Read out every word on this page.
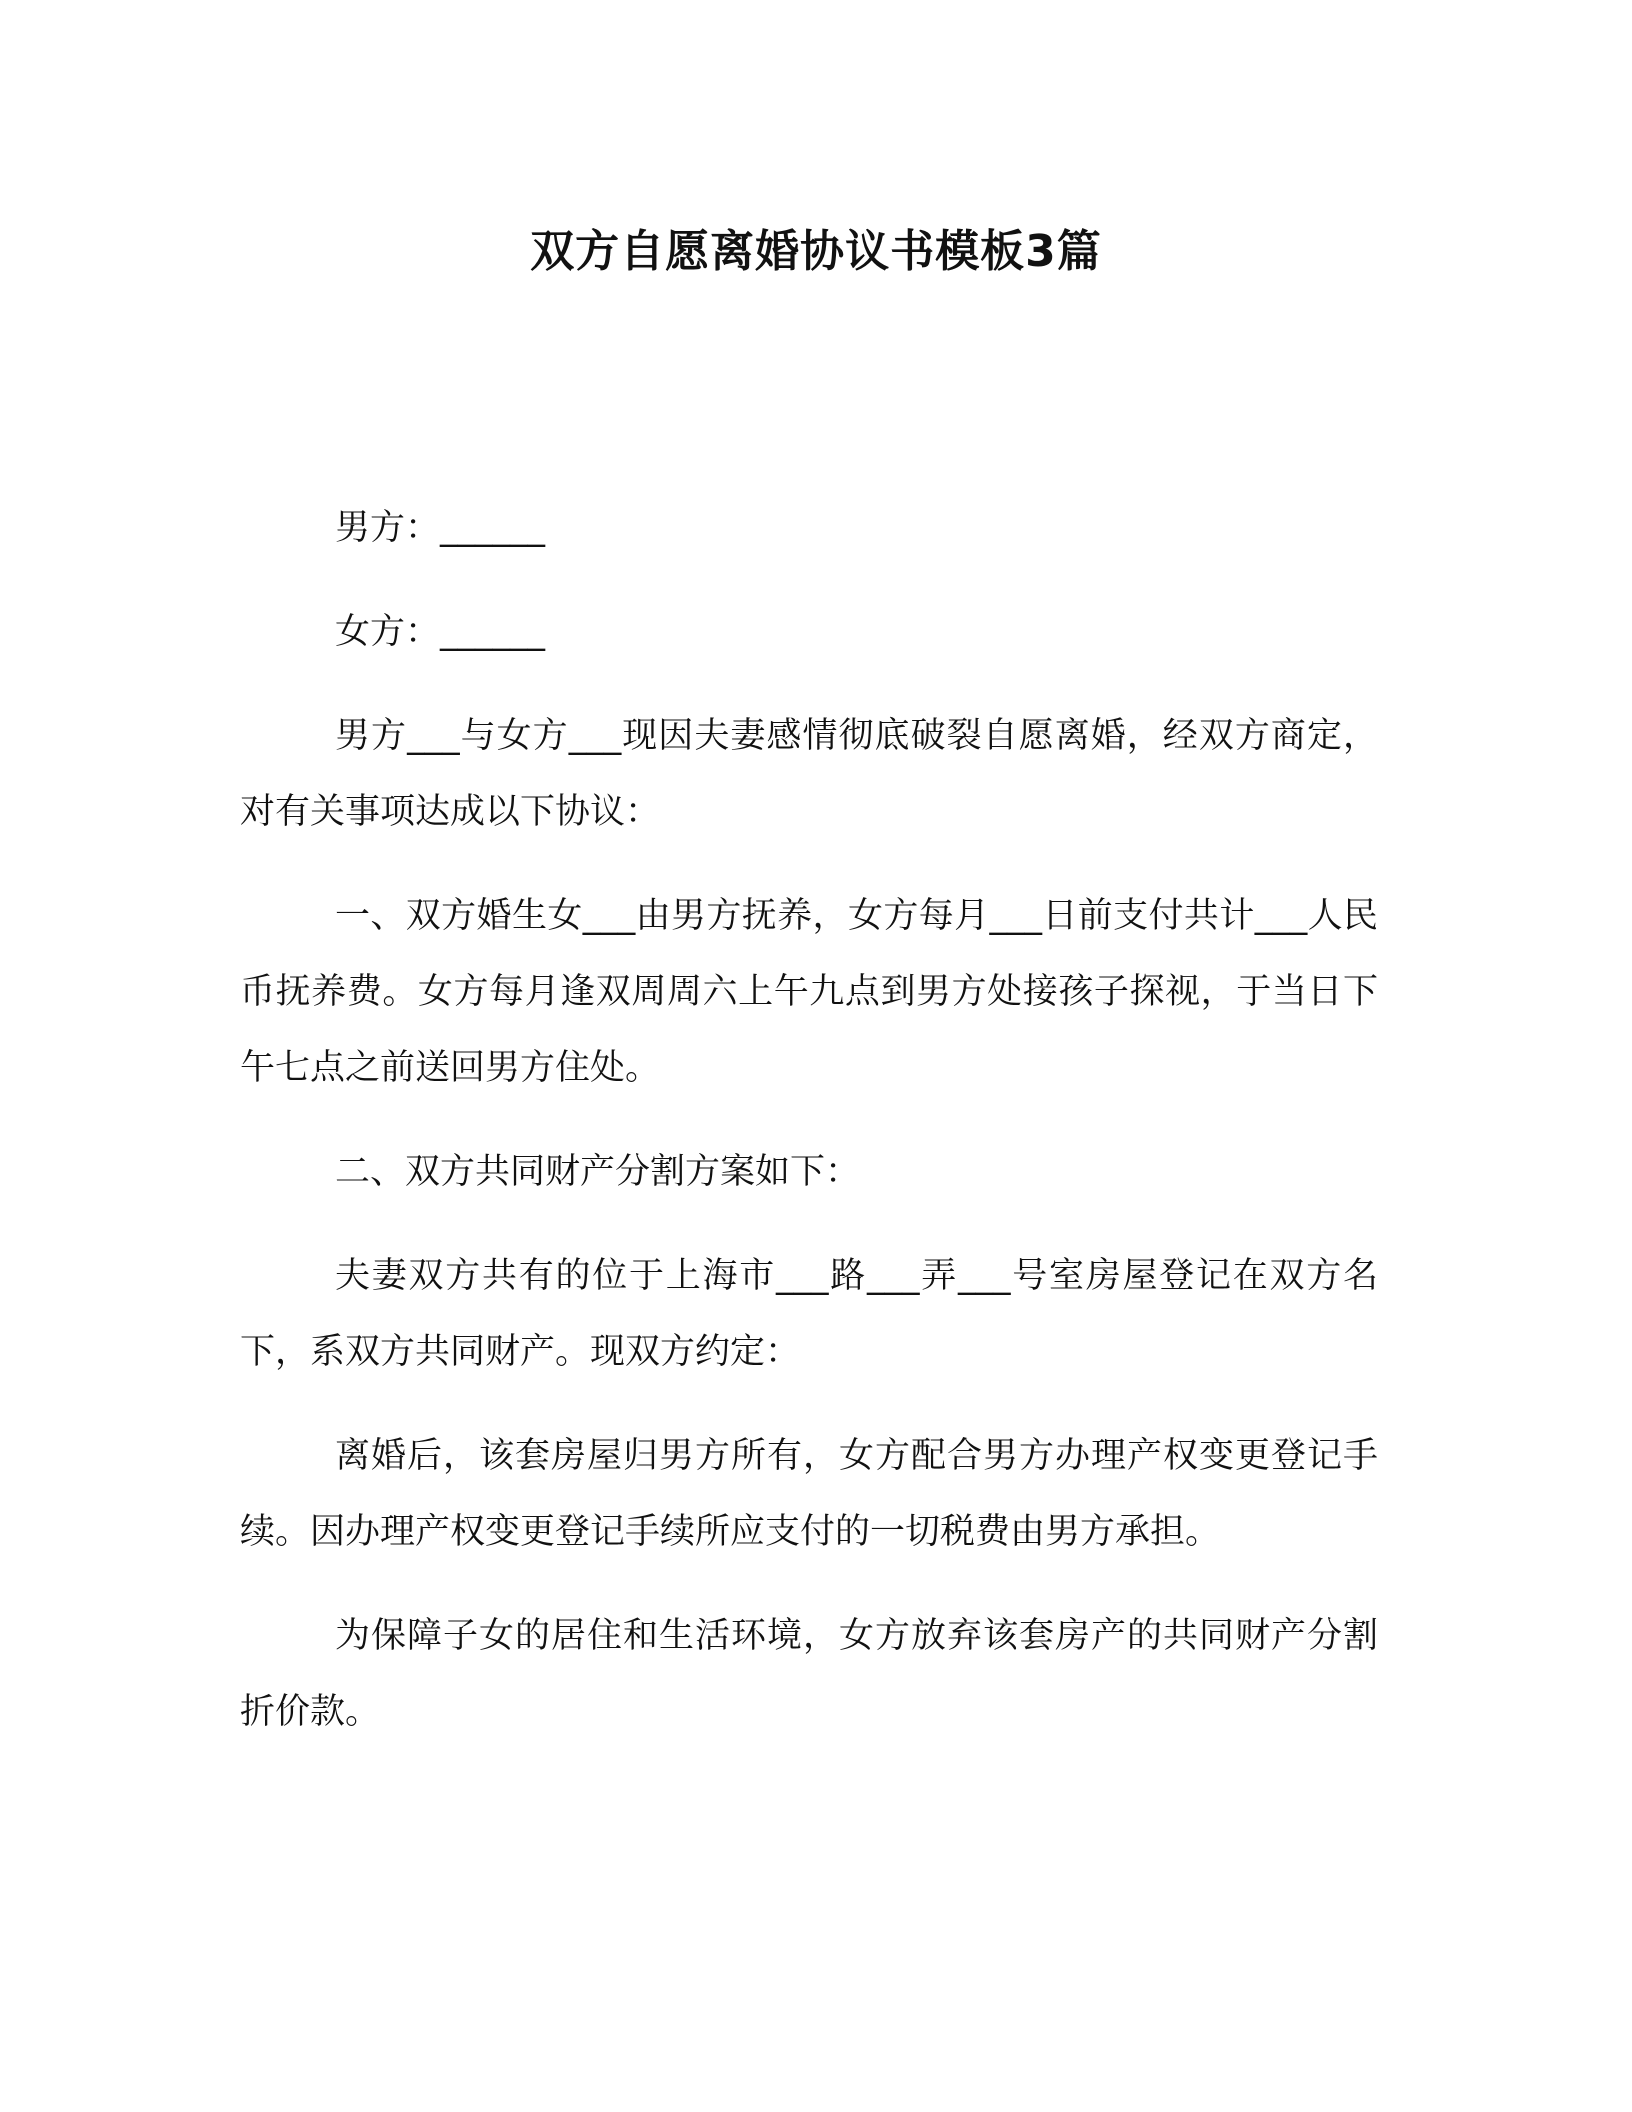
双方自愿离婚协议书模板3篇

男方：______

女方：______

男方___与女方___现因夫妻感情彻底破裂自愿离婚，经双方商定，对有关事项达成以下协议：

一、双方婚生女___由男方抚养，女方每月___日前支付共计___人民币抚养费。女方每月逢双周周六上午九点到男方处接孩子探视，于当日下午七点之前送回男方住处。

二、双方共同财产分割方案如下：

夫妻双方共有的位于上海市___路___弄___号室房屋登记在双方名下，系双方共同财产。现双方约定：

离婚后，该套房屋归男方所有，女方配合男方办理产权变更登记手续。因办理产权变更登记手续所应支付的一切税费由男方承担。

为保障子女的居住和生活环境，女方放弃该套房产的共同财产分割折价款。
